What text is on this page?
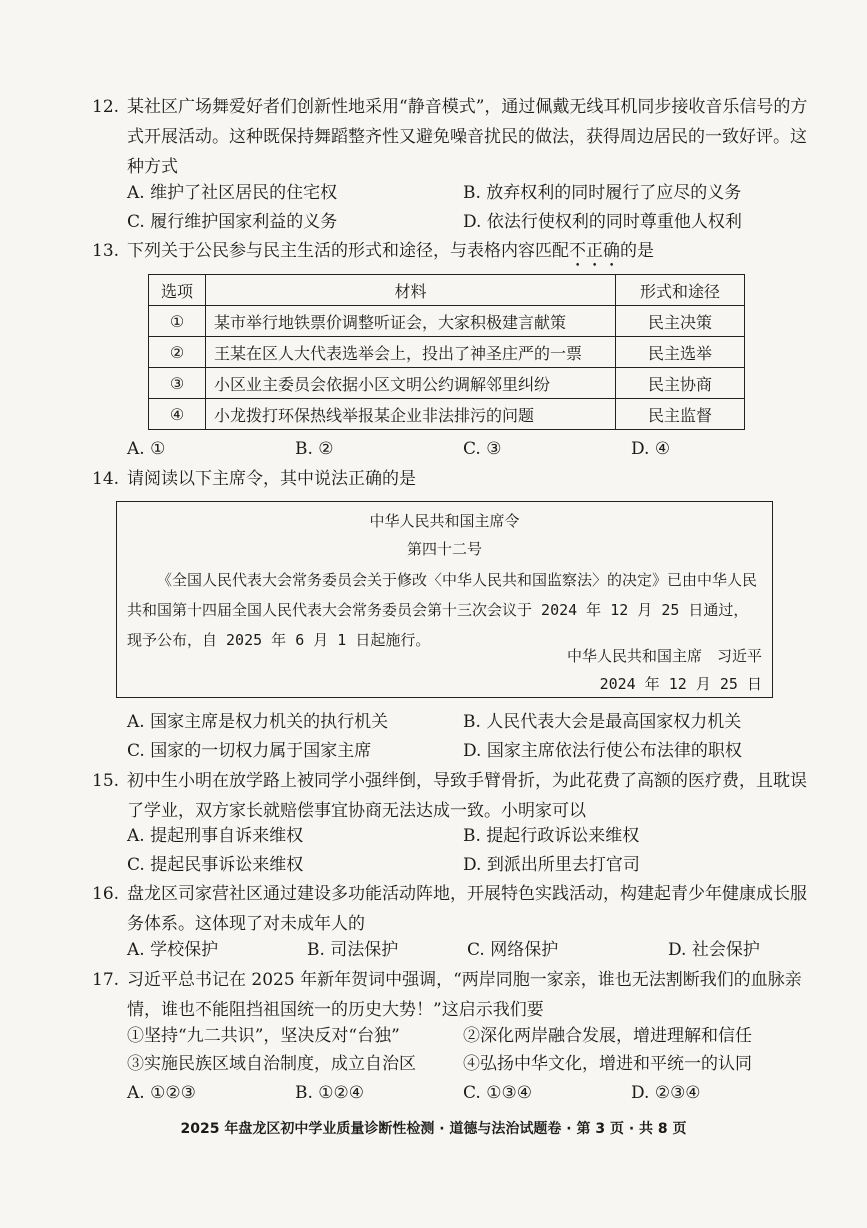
12. 某社区广场舞爱好者们创新性地采用“静音模式”，通过佩戴无线耳机同步接收音乐信号的方式开展活动。这种既保持舞蹈整齐性又避免噪音扰民的做法，获得周边居民的一致好评。这种方式
A. 维护了社区居民的住宅权	B. 放弃权利的同时履行了应尽的义务
C. 履行维护国家利益的义务	D. 依法行使权利的同时尊重他人权利
13. 下列关于公民参与民主生活的形式和途径，与表格内容匹配不正确的是
选项	材料	形式和途径
①	某市举行地铁票价调整听证会，大家积极建言献策	民主决策
②	王某在区人大代表选举会上，投出了神圣庄严的一票	民主选举
③	小区业主委员会依据小区文明公约调解邻里纠纷	民主协商
④	小龙拨打环保热线举报某企业非法排污的问题	民主监督
A. ①	B. ②	C. ③	D. ④
14. 请阅读以下主席令，其中说法正确的是
中华人民共和国主席令
第四十二号
《全国人民代表大会常务委员会关于修改〈中华人民共和国监察法〉的决定》已由中华人民共和国第十四届全国人民代表大会常务委员会第十三次会议于 2024 年 12 月 25 日通过，现予公布，自 2025 年 6 月 1 日起施行。
中华人民共和国主席　习近平
2024 年 12 月 25 日
A. 国家主席是权力机关的执行机关	B. 人民代表大会是最高国家权力机关
C. 国家的一切权力属于国家主席	D. 国家主席依法行使公布法律的职权
15. 初中生小明在放学路上被同学小强绊倒，导致手臂骨折，为此花费了高额的医疗费，且耽误了学业，双方家长就赔偿事宜协商无法达成一致。小明家可以
A. 提起刑事自诉来维权	B. 提起行政诉讼来维权
C. 提起民事诉讼来维权	D. 到派出所里去打官司
16. 盘龙区司家营社区通过建设多功能活动阵地，开展特色实践活动，构建起青少年健康成长服务体系。这体现了对未成年人的
A. 学校保护	B. 司法保护	C. 网络保护	D. 社会保护
17. 习近平总书记在 2025 年新年贺词中强调，“两岸同胞一家亲，谁也无法割断我们的血脉亲情，谁也不能阻挡祖国统一的历史大势！”这启示我们要
①坚持“九二共识”，坚决反对“台独”	②深化两岸融合发展，增进理解和信任
③实施民族区域自治制度，成立自治区	④弘扬中华文化，增进和平统一的认同
A. ①②③	B. ①②④	C. ①③④	D. ②③④
2025 年盘龙区初中学业质量诊断性检测 · 道德与法治试题卷 · 第 3 页 · 共 8 页
